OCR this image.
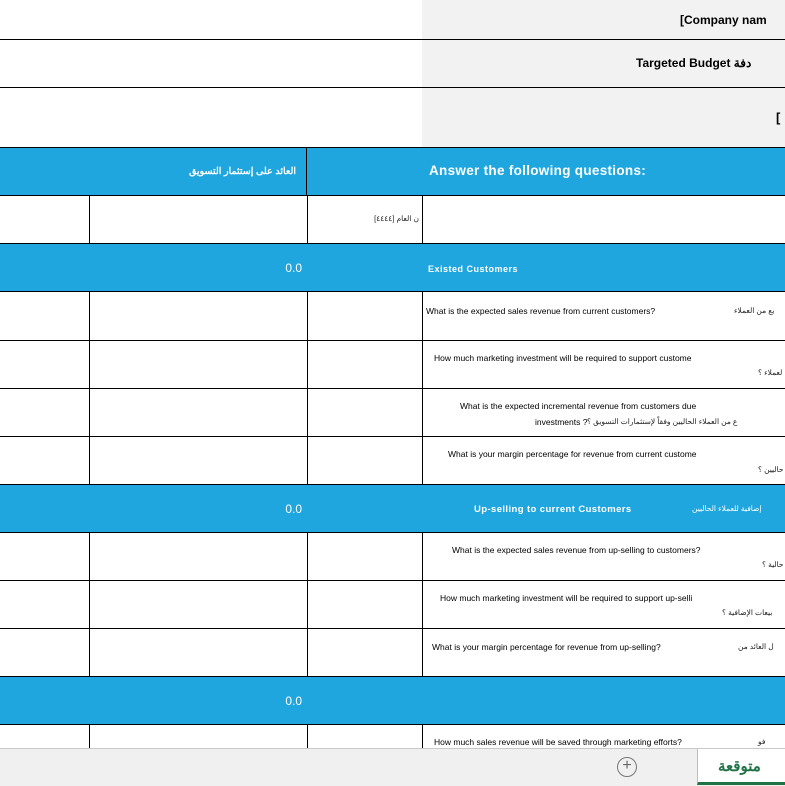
[Company nam
Targeted Budget دفة
[
العائد على إستثمار التسويق	Answer the following questions:
ن العام [٤٤٤٤]
0.0	Existed Customers
What is the expected sales revenue from current customers?	يع من العملاء
How much marketing investment will be required to support custome
لعملاء ؟
What is the expected incremental revenue from customers due
ع من العملاء الحاليين وفقاً لإستثمارات التسويق ؟
investments ?
What is your margin percentage for revenue from current custome
حاليين ؟
0.0	Up-selling to current Customers	إضافية للعملاء الحاليين
What is the expected sales revenue from up-selling to customers?
حالية ؟
How much marketing investment will be required to support up-selli
بيعات الإضافية ؟
What is your margin percentage for revenue from up-selling?	ل العائد من
0.0
How much sales revenue will be saved through marketing efforts?	فو
+	متوقعة
